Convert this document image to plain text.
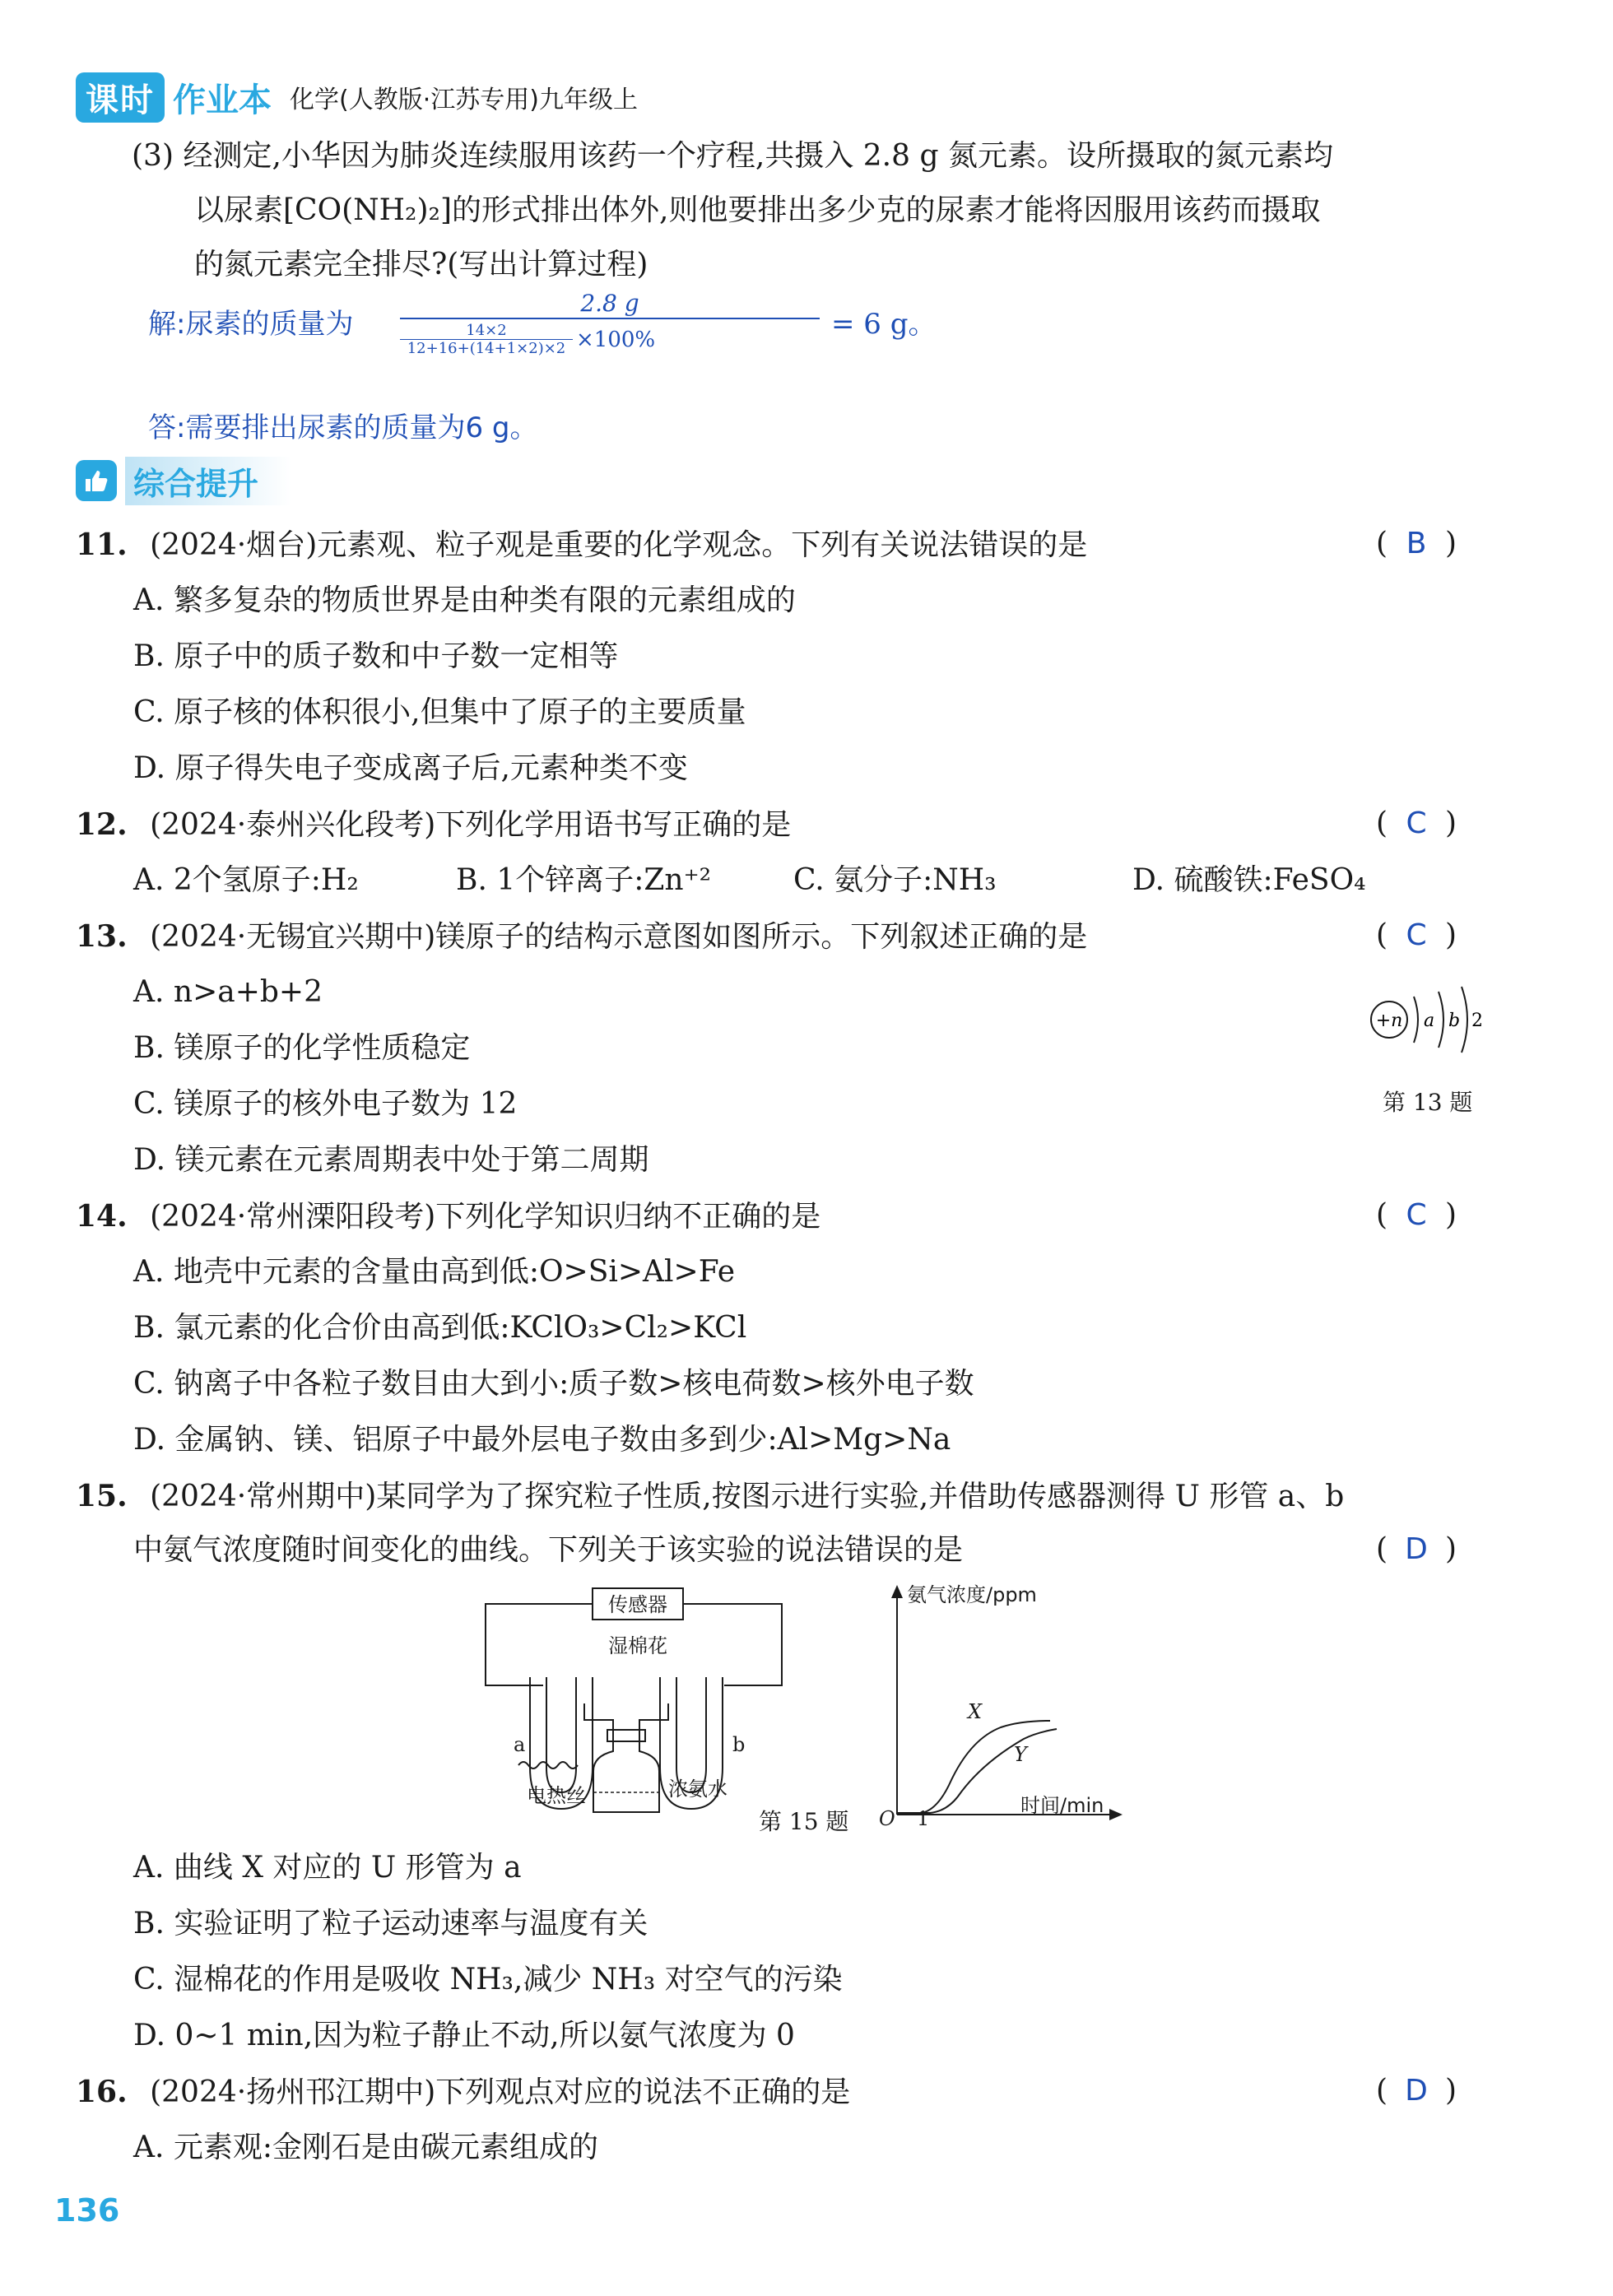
课时 作业本 化学(人教版·江苏专用)九年级上
(3) 经测定,小华因为肺炎连续服用该药一个疗程,共摄入 2.8 g 氮元素。设所摄取的氮元素均
以尿素[CO(NH₂)₂]的形式排出体外,则他要排出多少克的尿素才能将因服用该药而摄取
的氮元素完全排尽?(写出计算过程)
解:尿素的质量为
2.8 g
14×2
12+16+(14+1×2)×2 ×100%	= 6 g。
答:需要排出尿素的质量为6 g。
综合提升
11. (2024·烟台)元素观、粒子观是重要的化学观念。下列有关说法错误的是	( B )
A. 繁多复杂的物质世界是由种类有限的元素组成的
B. 原子中的质子数和中子数一定相等
C. 原子核的体积很小,但集中了原子的主要质量
D. 原子得失电子变成离子后,元素种类不变
12. (2024·泰州兴化段考)下列化学用语书写正确的是	( C )
A. 2个氢原子:H₂	B. 1个锌离子:Zn⁺²	C. 氨分子:NH₃	D. 硫酸铁:FeSO₄
13. (2024·无锡宜兴期中)镁原子的结构示意图如图所示。下列叙述正确的是	( C )
A. n>a+b+2
B. 镁原子的化学性质稳定
C. 镁原子的核外电子数为 12
D. 镁元素在元素周期表中处于第二周期
+n a b 2
第 13 题
14. (2024·常州溧阳段考)下列化学知识归纳不正确的是	( C )
A. 地壳中元素的含量由高到低:O>Si>Al>Fe
B. 氯元素的化合价由高到低:KClO₃>Cl₂>KCl
C. 钠离子中各粒子数目由大到小:质子数>核电荷数>核外电子数
D. 金属钠、镁、铝原子中最外层电子数由多到少:Al>Mg>Na
15. (2024·常州期中)某同学为了探究粒子性质,按图示进行实验,并借助传感器测得 U 形管 a、b
中氨气浓度随时间变化的曲线。下列关于该实验的说法错误的是	( D )
传感器
湿棉花
a	b
电热丝	浓氨水
氨气浓度/ppm
时间/min
O 1
X
Y
第 15 题
A. 曲线 X 对应的 U 形管为 a
B. 实验证明了粒子运动速率与温度有关
C. 湿棉花的作用是吸收 NH₃,减少 NH₃ 对空气的污染
D. 0~1 min,因为粒子静止不动,所以氨气浓度为 0
16. (2024·扬州邗江期中)下列观点对应的说法不正确的是	( D )
A. 元素观:金刚石是由碳元素组成的
136
